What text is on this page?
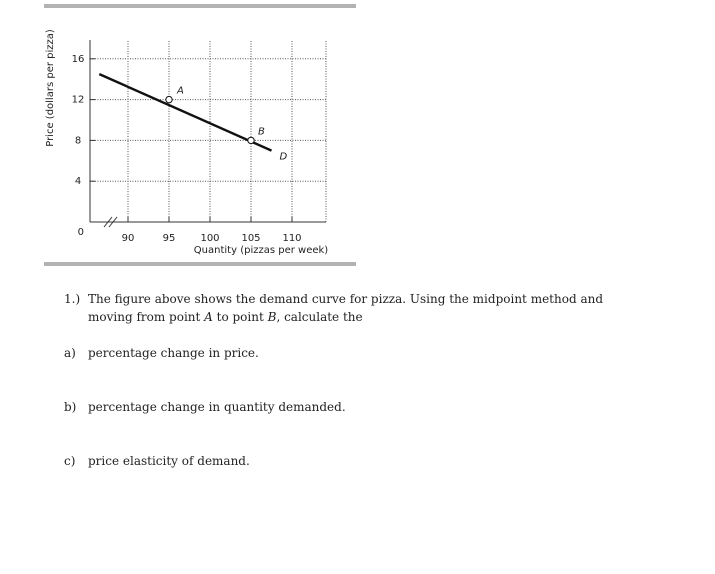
4
8
12
16
90	95	100 105 110
0
Price (dollars per pizza)
Quantity (pizzas per week)
D
A
B
1.) The figure above shows the demand curve for pizza. Using the midpoint method and moving from point A to point B, calculate the
a) percentage change in price.
b) percentage change in quantity demanded.
c) price elasticity of demand.
